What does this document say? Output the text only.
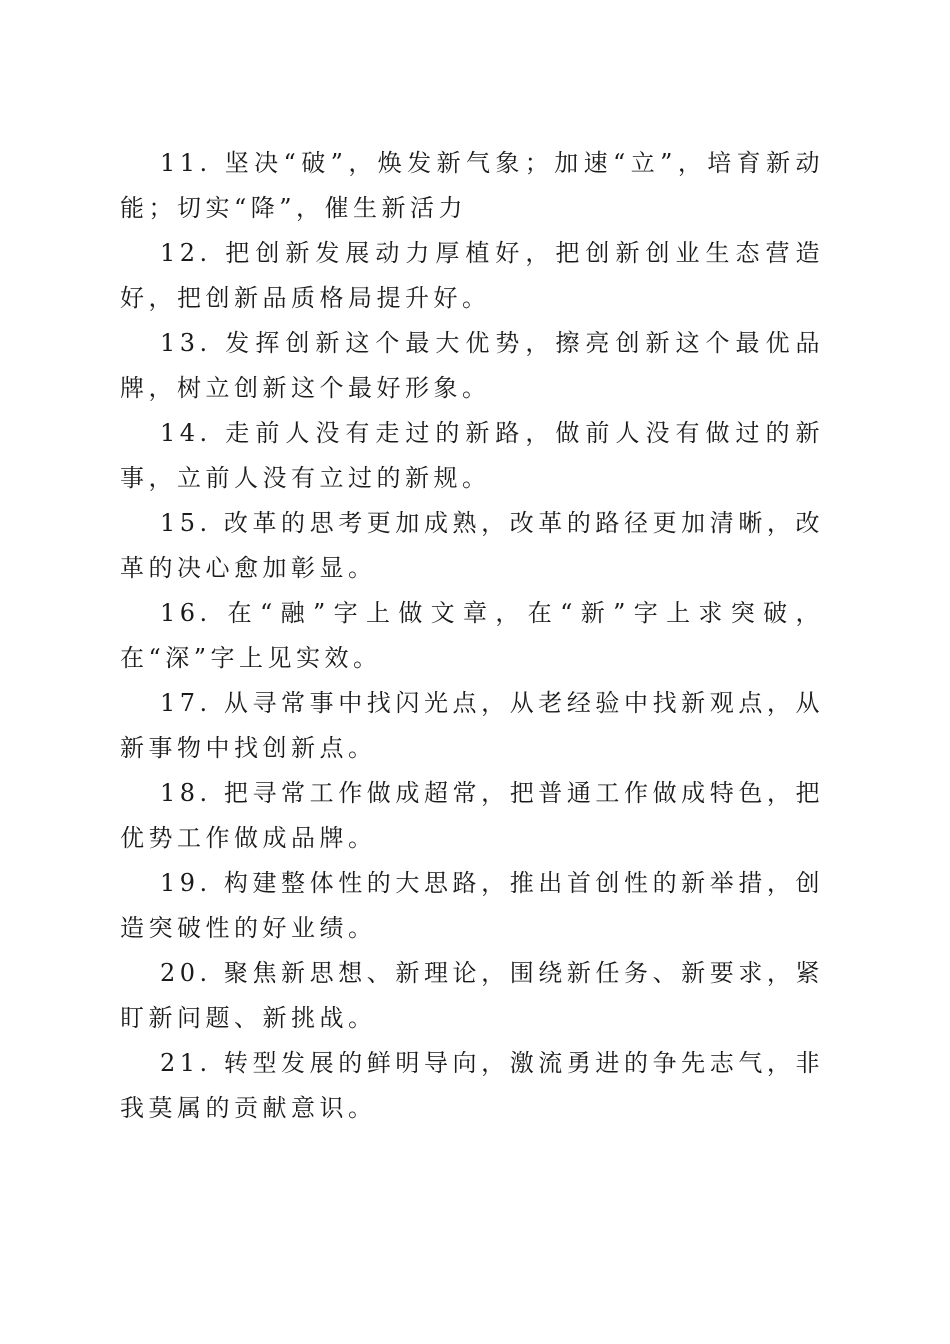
11. 坚决“破”，焕发新气象；加速“立”，培育新动能；切实“降”，催生新活力

12. 把创新发展动力厚植好，把创新创业生态营造好，把创新品质格局提升好。

13. 发挥创新这个最大优势，擦亮创新这个最优品牌，树立创新这个最好形象。

14. 走前人没有走过的新路，做前人没有做过的新事，立前人没有立过的新规。

15. 改革的思考更加成熟，改革的路径更加清晰，改革的决心愈加彰显。

16. 在“融”字上做文章，在“新”字上求突破，在“深”字上见实效。

17. 从寻常事中找闪光点，从老经验中找新观点，从新事物中找创新点。

18. 把寻常工作做成超常，把普通工作做成特色，把优势工作做成品牌。

19. 构建整体性的大思路，推出首创性的新举措，创造突破性的好业绩。

20. 聚焦新思想、新理论，围绕新任务、新要求，紧盯新问题、新挑战。

21. 转型发展的鲜明导向，激流勇进的争先志气，非我莫属的贡献意识。
